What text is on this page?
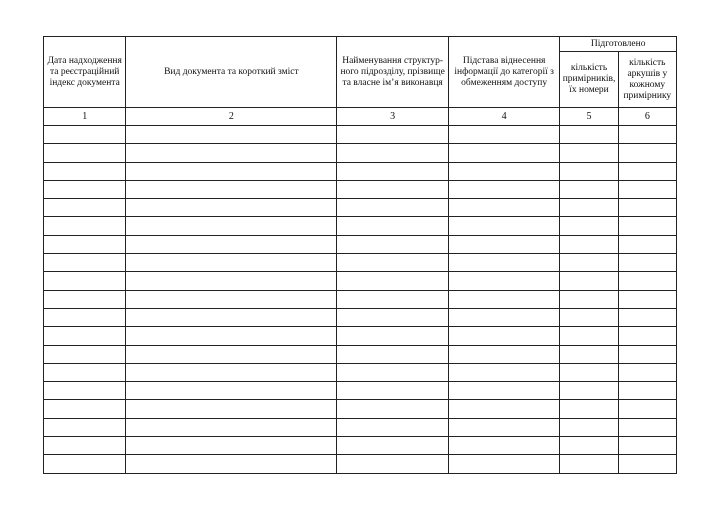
Дата надходження та реєстраційний індекс документа	Вид документа та короткий зміст	Найменування структур-ного підрозділу, прізвище та власне ім’я виконавця	Підстава віднесення інформації до категорії з обмеженням доступу	Підготовлено	

				кількість примірників, їх номери	кількість аркушів у кожному примірнику

1	2	3	4	5	6
